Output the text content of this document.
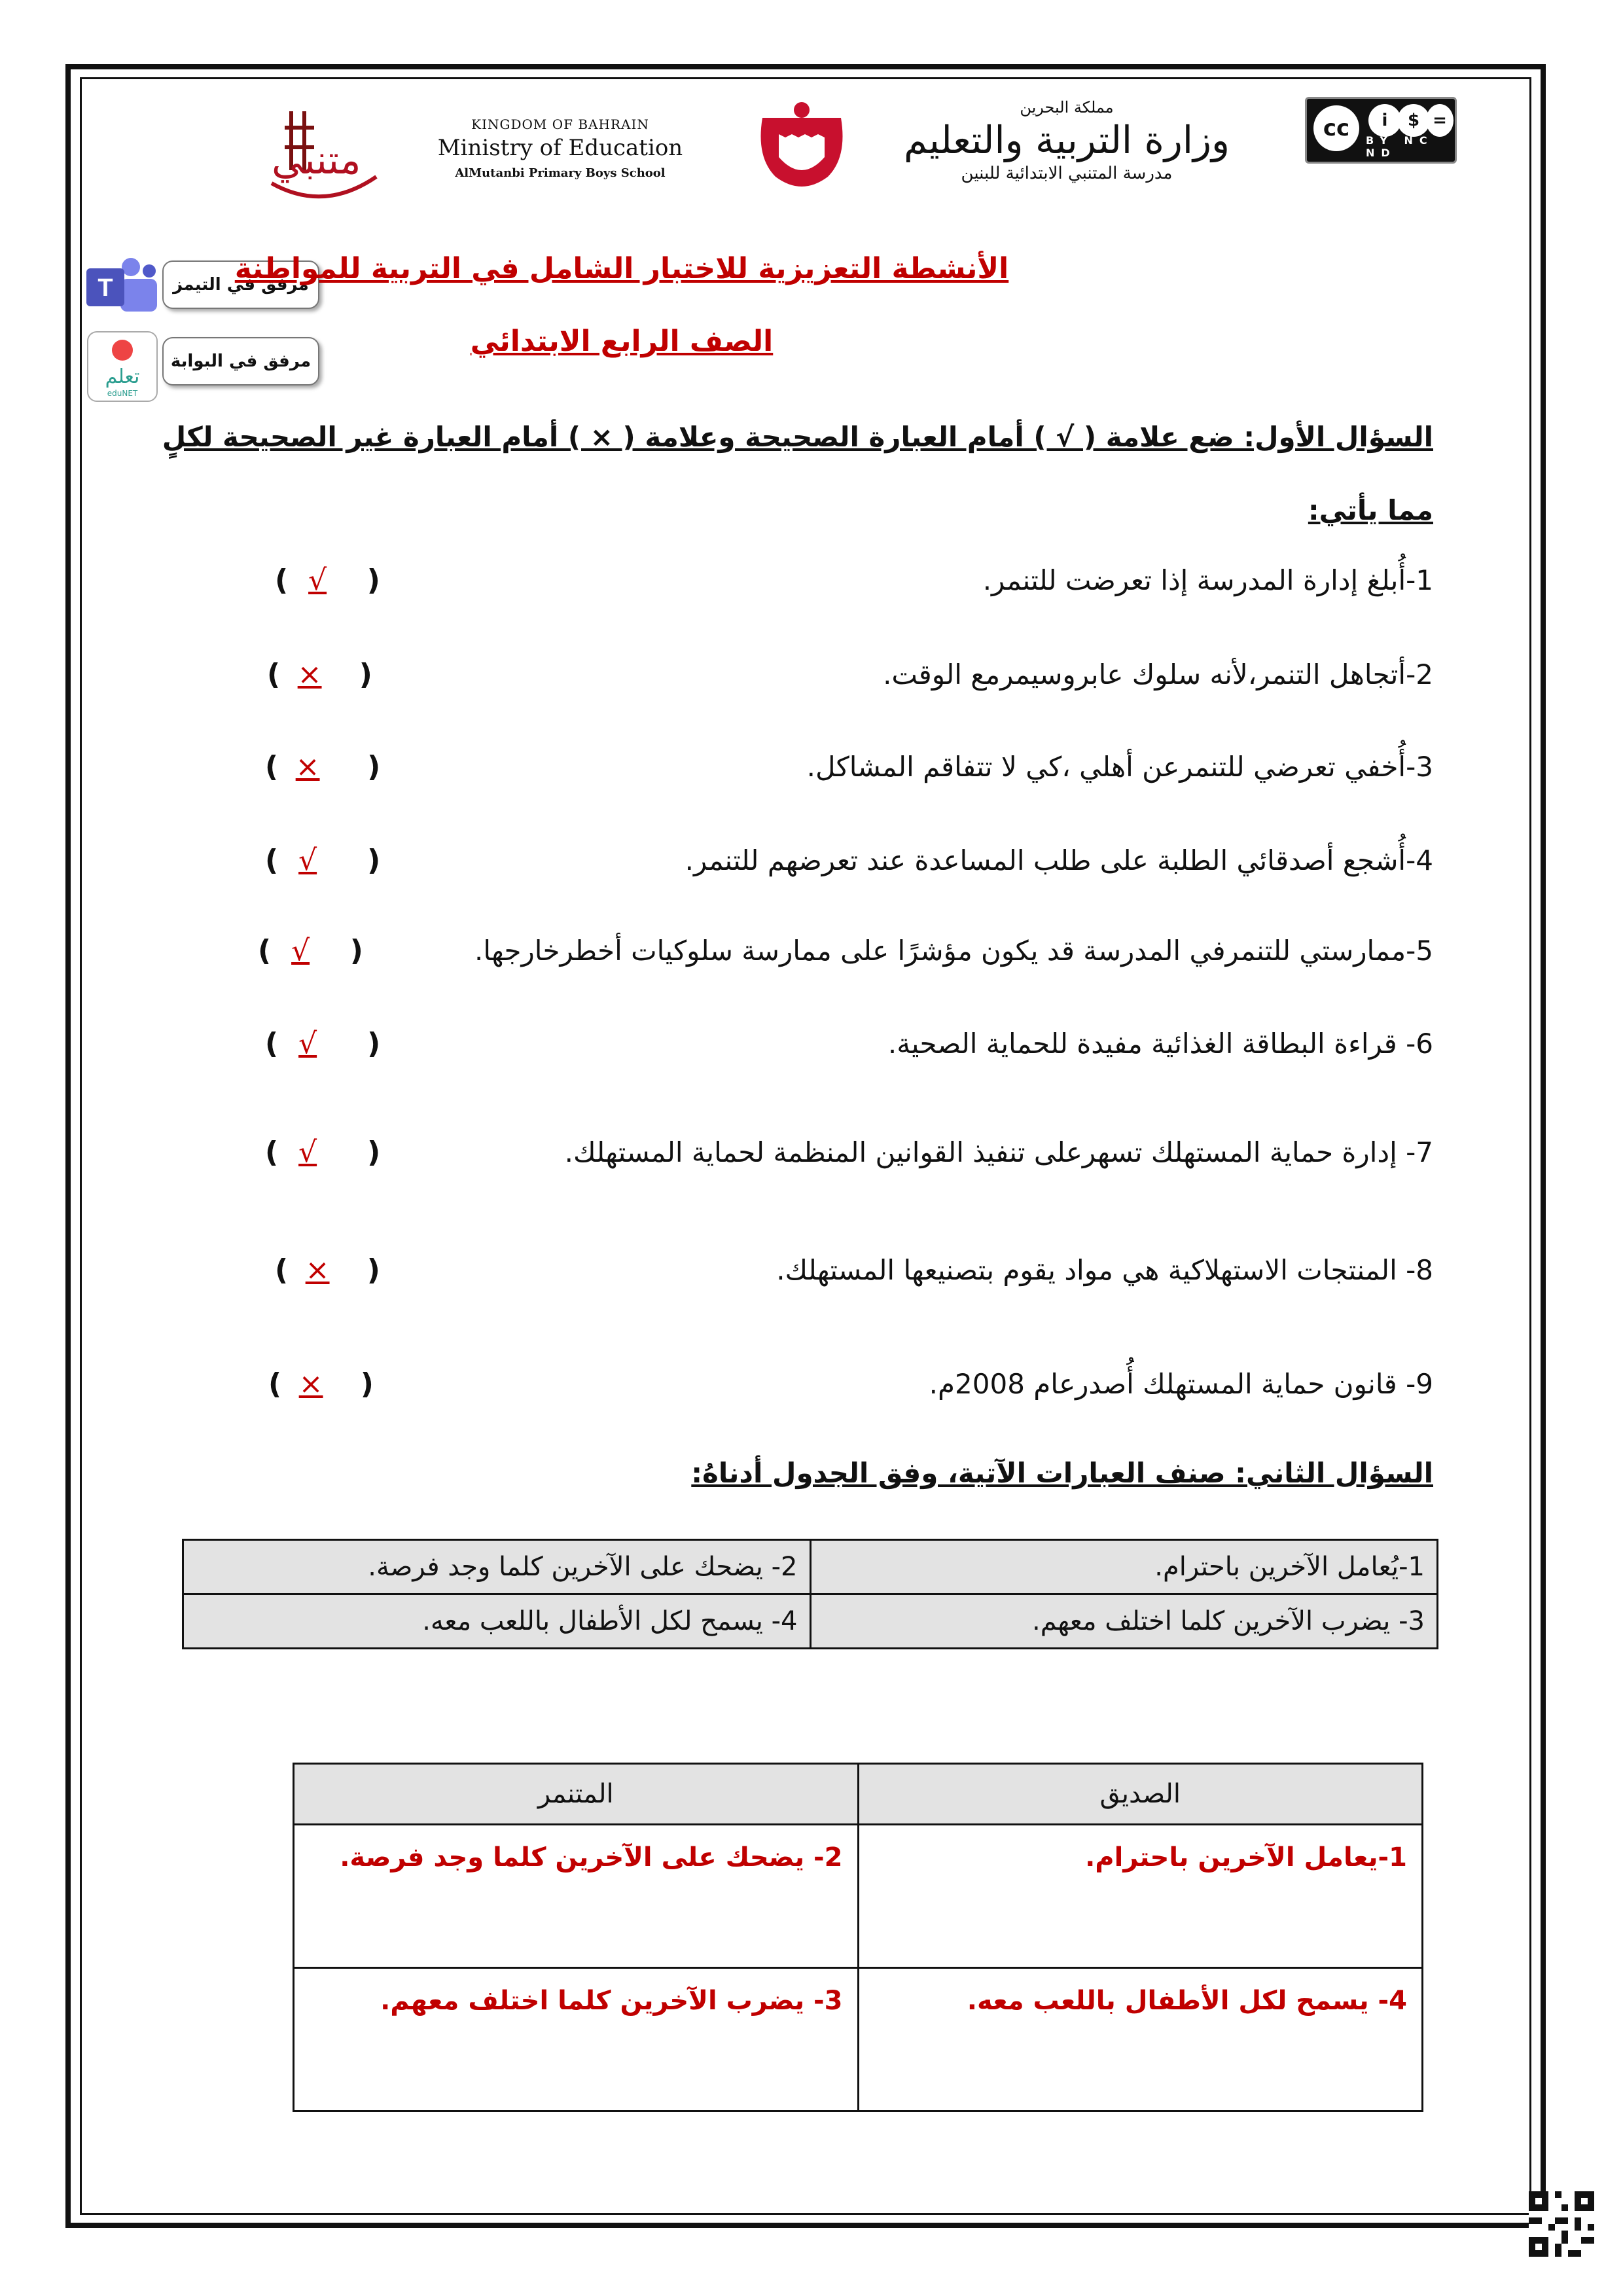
متنبي
KINGDOM OF BAHRAIN
Ministry of Education
AlMutanbi Primary Boys School
مملكة البحرين
وزارة التربية والتعليم
مدرسة المتنبي الابتدائية للبنين
cc	i	$ =
BY NC ND
T	مرفق في التيمز
تعلم
eduNET
مرفق في البوابة
الأنشطة التعزيزية للاختبار الشامل في التربية للمواطنة
الصف الرابع الابتدائي
السؤال الأول: ضع علامة ( √ ) أمام العبارة الصحيحة وعلامة ( × ) أمام العبارة غير الصحيحة لكلٍ
مما يأتي:
1-أُبلغ إدارة المدرسة إذا تعرضت للتنمر.
( √  )
2-أتجاهل التنمر،لأنه سلوك عابروسيمرمع الوقت.
( ×  )
3-أُخفي تعرضي للتنمرعن أهلي ،كي لا تتفاقم المشاكل.
( ×   )
4-أُشجع أصدقائي الطلبة على طلب المساعدة عند تعرضهم للتنمر.
( √   )
5-ممارستي للتنمرفي المدرسة قد يكون مؤشرًا على ممارسة سلوكيات أخطرخارجها.
( √  )
6- قراءة البطاقة الغذائية مفيدة للحماية الصحية.
( √   )
7- إدارة حماية المستهلك تسهرعلى تنفيذ القوانين المنظمة لحماية المستهلك.
( √   )
8- المنتجات الاستهلاكية هي مواد يقوم بتصنيعها المستهلك.
( ×  )
9- قانون حماية المستهلك أُصدرعام 2008م.
( ×  )
السؤال الثاني: صنف العبارات الآتية، وفق الجدول أدناهُ:
1-يُعامل الآخرين باحترام.	2- يضحك على الآخرين كلما وجد فرصة.
3- يضرب الآخرين كلما اختلف معهم.	4- يسمح لكل الأطفال باللعب معه.
الصديق	المتنمر
1-يعامل الآخرين باحترام.	2- يضحك على الآخرين كلما وجد فرصة.
4- يسمح لكل الأطفال باللعب معه.	3- يضرب الآخرين كلما اختلف معهم.
